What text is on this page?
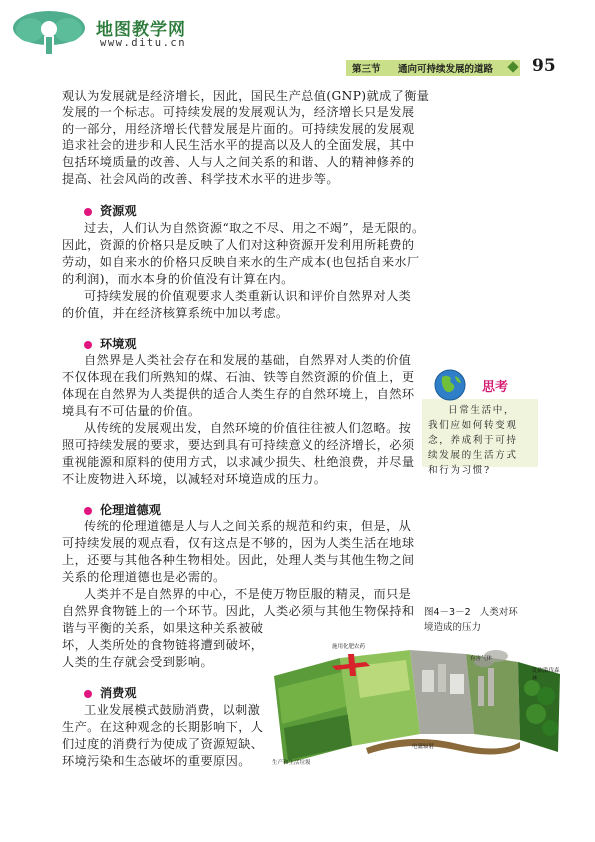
地图教学网
www.ditu.cn
第三节 通向可持续发展的道路 95
观认为发展就是经济增长，因此，国民生产总值(GNP)就成了衡量
发展的一个标志。可持续发展的发展观认为，经济增长只是发展
的一部分，用经济增长代替发展是片面的。可持续发展的发展观
追求社会的进步和人民生活水平的提高以及人的全面发展，其中
包括环境质量的改善、人与人之间关系的和谐、人的精神修养的
提高、社会风尚的改善、科学技术水平的进步等。
资源观
过去，人们认为自然资源“取之不尽、用之不竭”，是无限的。
因此，资源的价格只是反映了人们对这种资源开发利用所耗费的
劳动，如自来水的价格只反映自来水的生产成本(也包括自来水厂
的利润)，而水本身的价值没有计算在内。
可持续发展的价值观要求人类重新认识和评价自然界对人类
的价值，并在经济核算系统中加以考虑。
环境观
自然界是人类社会存在和发展的基础，自然界对人类的价值
不仅体现在我们所熟知的煤、石油、铁等自然资源的价值上，更
体现在自然界为人类提供的适合人类生存的自然环境上，自然环
境具有不可估量的价值。
从传统的发展观出发，自然环境的价值往往被人们忽略。按
照可持续发展的要求，要达到具有可持续意义的经济增长，必须
重视能源和原料的使用方式，以求减少损失、杜绝浪费，并尽量
不让废物进入环境，以减轻对环境造成的压力。
伦理道德观
传统的伦理道德是人与人之间关系的规范和约束，但是，从
可持续发展的观点看，仅有这点是不够的，因为人类生活在地球
上，还要与其他各种生物相处。因此，处理人类与其他生物之间
关系的伦理道德也是必需的。
人类并不是自然界的中心，不是使万物臣服的精灵，而只是
自然界食物链上的一个环节。因此，人类必须与其他生物保持和
谐与平衡的关系，如果这种关系被破
坏，人类所处的食物链将遭到破坏，
人类的生存就会受到影响。
消费观
工业发展模式鼓励消费，以刺激
生产。在这种观念的长期影响下，人
们过度的消费行为使成了资源短缺、
环境污染和生态破坏的重要原因。
日常生活中，
我们应如何转变观
念，养成利于可持
续发展的生活方式
和行为习惯?
思考
图4－3－2 人类对环
境造成的压力
施用化肥农药
有害气体
乱砍滥伐森林
电磁辐射
生产和生活垃圾
